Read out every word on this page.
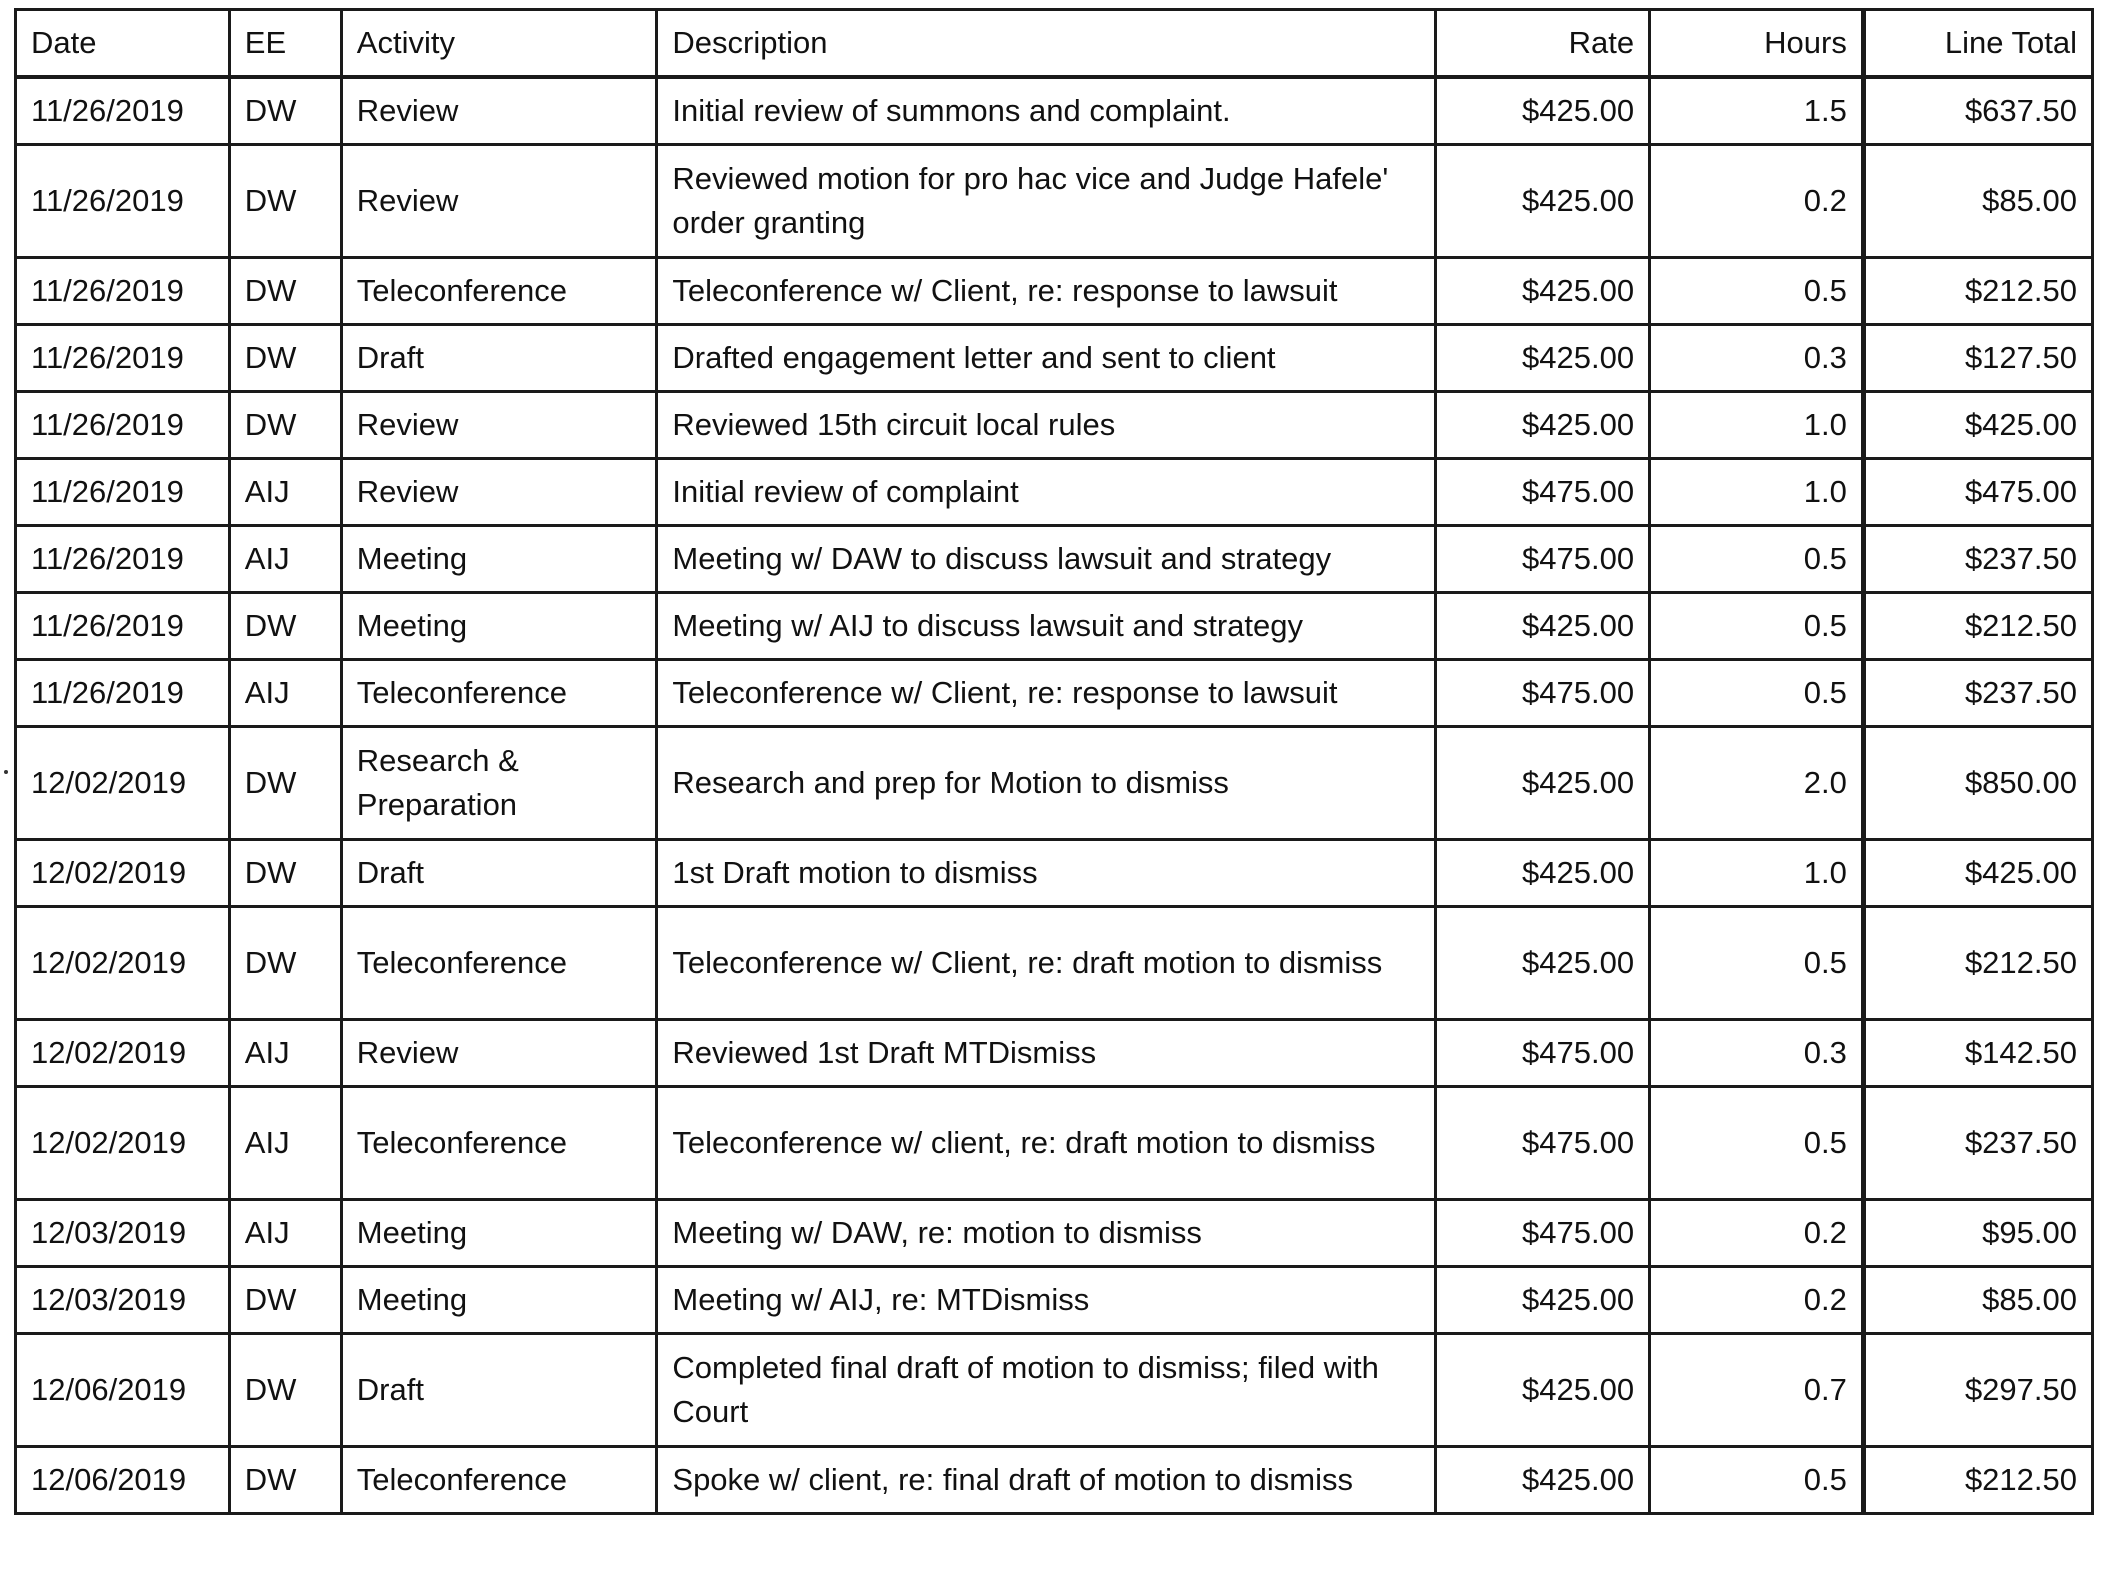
Date	EE	Activity	Description	Rate	Hours	Line Total
11/26/2019	DW	Review	Initial review of summons and complaint.	$425.00	1.5	$637.50
11/26/2019	DW	Review	Reviewed motion for pro hac vice and Judge Hafele' order granting	$425.00	0.2	$85.00
11/26/2019	DW	Teleconference	Teleconference w/ Client, re: response to lawsuit	$425.00	0.5	$212.50
11/26/2019	DW	Draft	Drafted engagement letter and sent to client	$425.00	0.3	$127.50
11/26/2019	DW	Review	Reviewed 15th circuit local rules	$425.00	1.0	$425.00
11/26/2019	AIJ	Review	Initial review of complaint	$475.00	1.0	$475.00
11/26/2019	AIJ	Meeting	Meeting w/ DAW to discuss lawsuit and strategy	$475.00	0.5	$237.50
11/26/2019	DW	Meeting	Meeting w/ AIJ to discuss lawsuit and strategy	$425.00	0.5	$212.50
11/26/2019	AIJ	Teleconference	Teleconference w/ Client, re: response to lawsuit	$475.00	0.5	$237.50
12/02/2019	DW	Research & Preparation	Research and prep for Motion to dismiss	$425.00	2.0	$850.00
12/02/2019	DW	Draft	1st Draft motion to dismiss	$425.00	1.0	$425.00
12/02/2019	DW	Teleconference	Teleconference w/ Client, re: draft motion to dismiss	$425.00	0.5	$212.50
12/02/2019	AIJ	Review	Reviewed 1st Draft MTDismiss	$475.00	0.3	$142.50
12/02/2019	AIJ	Teleconference	Teleconference w/ client, re: draft motion to dismiss	$475.00	0.5	$237.50
12/03/2019	AIJ	Meeting	Meeting w/ DAW, re: motion to dismiss	$475.00	0.2	$95.00
12/03/2019	DW	Meeting	Meeting w/ AIJ, re: MTDismiss	$425.00	0.2	$85.00
12/06/2019	DW	Draft	Completed final draft of motion to dismiss; filed with Court	$425.00	0.7	$297.50
12/06/2019	DW	Teleconference	Spoke w/ client, re: final draft of motion to dismiss	$425.00	0.5	$212.50
